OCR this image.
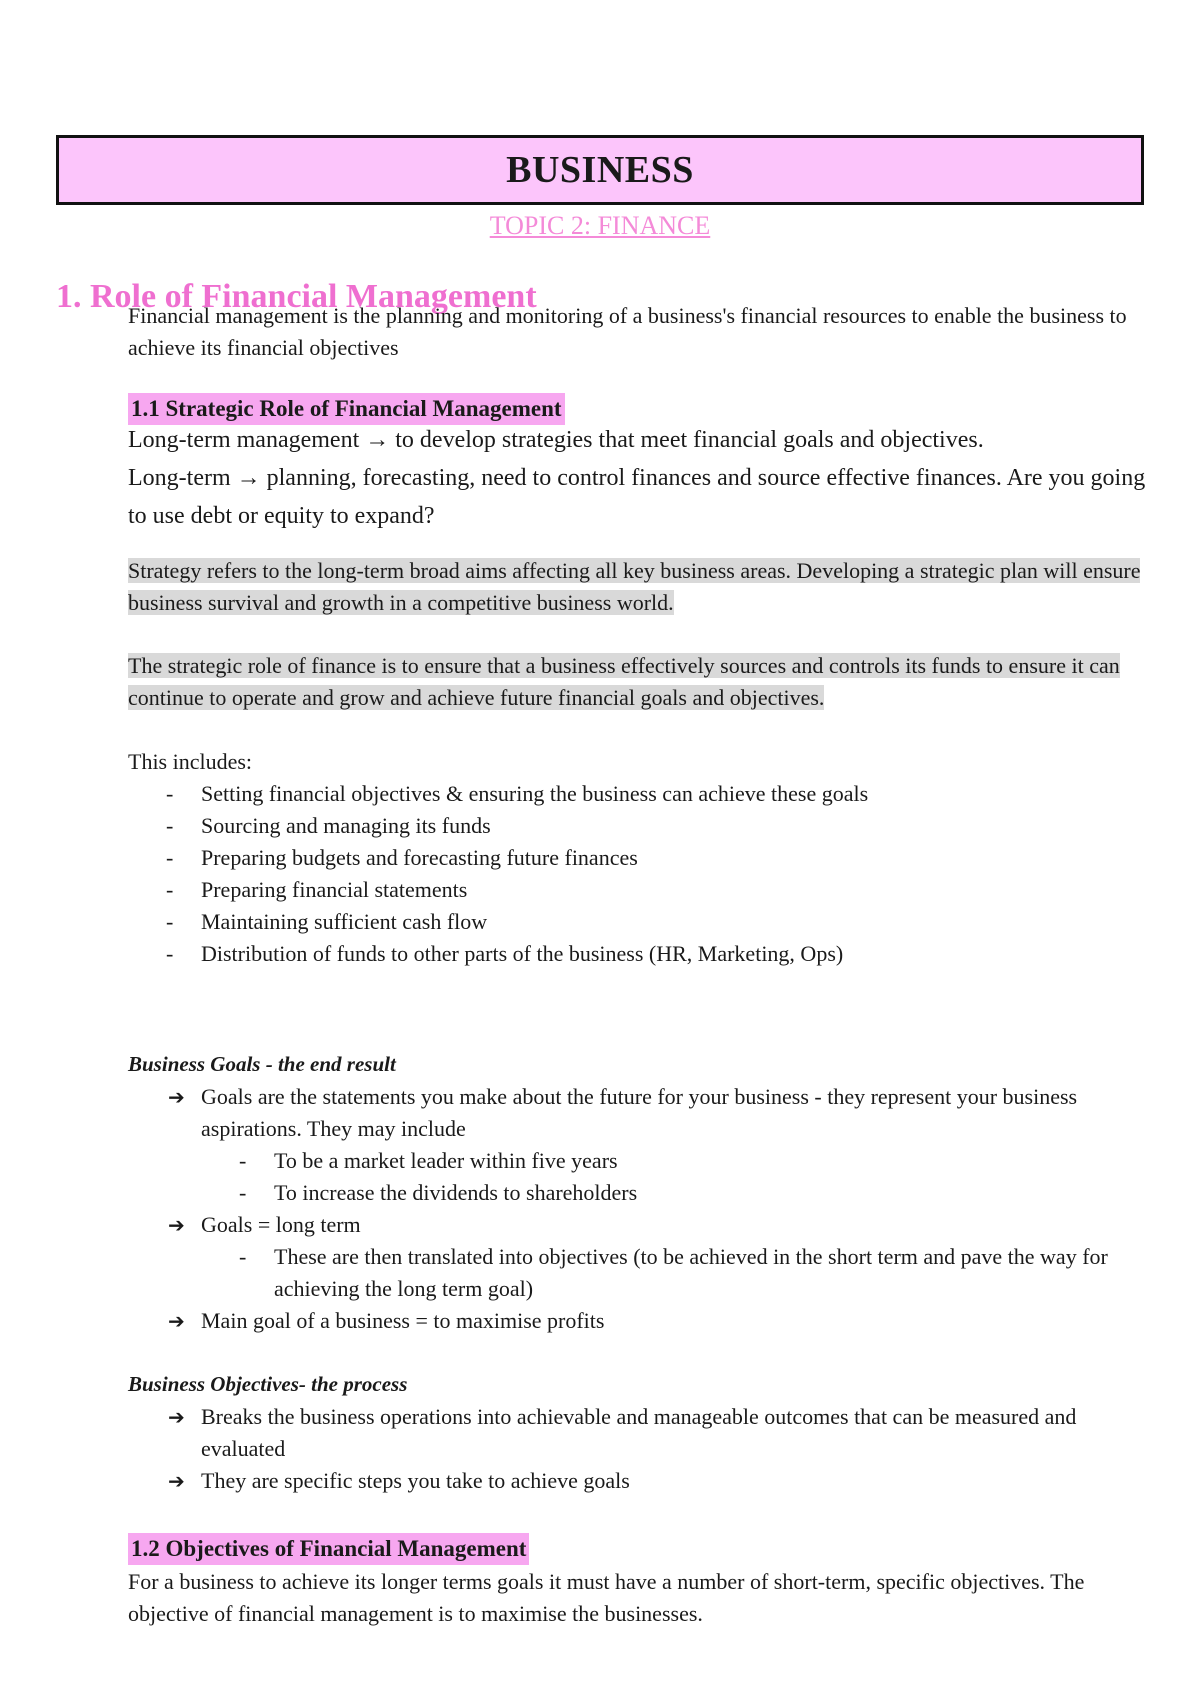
BUSINESS
TOPIC 2: FINANCE
1. Role of Financial Management
Financial management is the planning and monitoring of a business's financial resources to enable the business to achieve its financial objectives
1.1 Strategic Role of Financial Management
Long-term management → to develop strategies that meet financial goals and objectives.
Long-term → planning, forecasting, need to control finances and source effective finances. Are you going to use debt or equity to expand?
Strategy refers to the long-term broad aims affecting all key business areas. Developing a strategic plan will ensure business survival and growth in a competitive business world.
The strategic role of finance is to ensure that a business effectively sources and controls its funds to ensure it can continue to operate and grow and achieve future financial goals and objectives.
This includes:
- Setting financial objectives & ensuring the business can achieve these goals
- Sourcing and managing its funds
- Preparing budgets and forecasting future finances
- Preparing financial statements
- Maintaining sufficient cash flow
- Distribution of funds to other parts of the business (HR, Marketing, Ops)
Business Goals - the end result
➔ Goals are the statements you make about the future for your business - they represent your business aspirations. They may include
- To be a market leader within five years
- To increase the dividends to shareholders
➔ Goals = long term
- These are then translated into objectives (to be achieved in the short term and pave the way for achieving the long term goal)
➔ Main goal of a business = to maximise profits
Business Objectives- the process
➔ Breaks the business operations into achievable and manageable outcomes that can be measured and evaluated
➔ They are specific steps you take to achieve goals
1.2 Objectives of Financial Management
For a business to achieve its longer terms goals it must have a number of short-term, specific objectives. The objective of financial management is to maximise the businesses.
